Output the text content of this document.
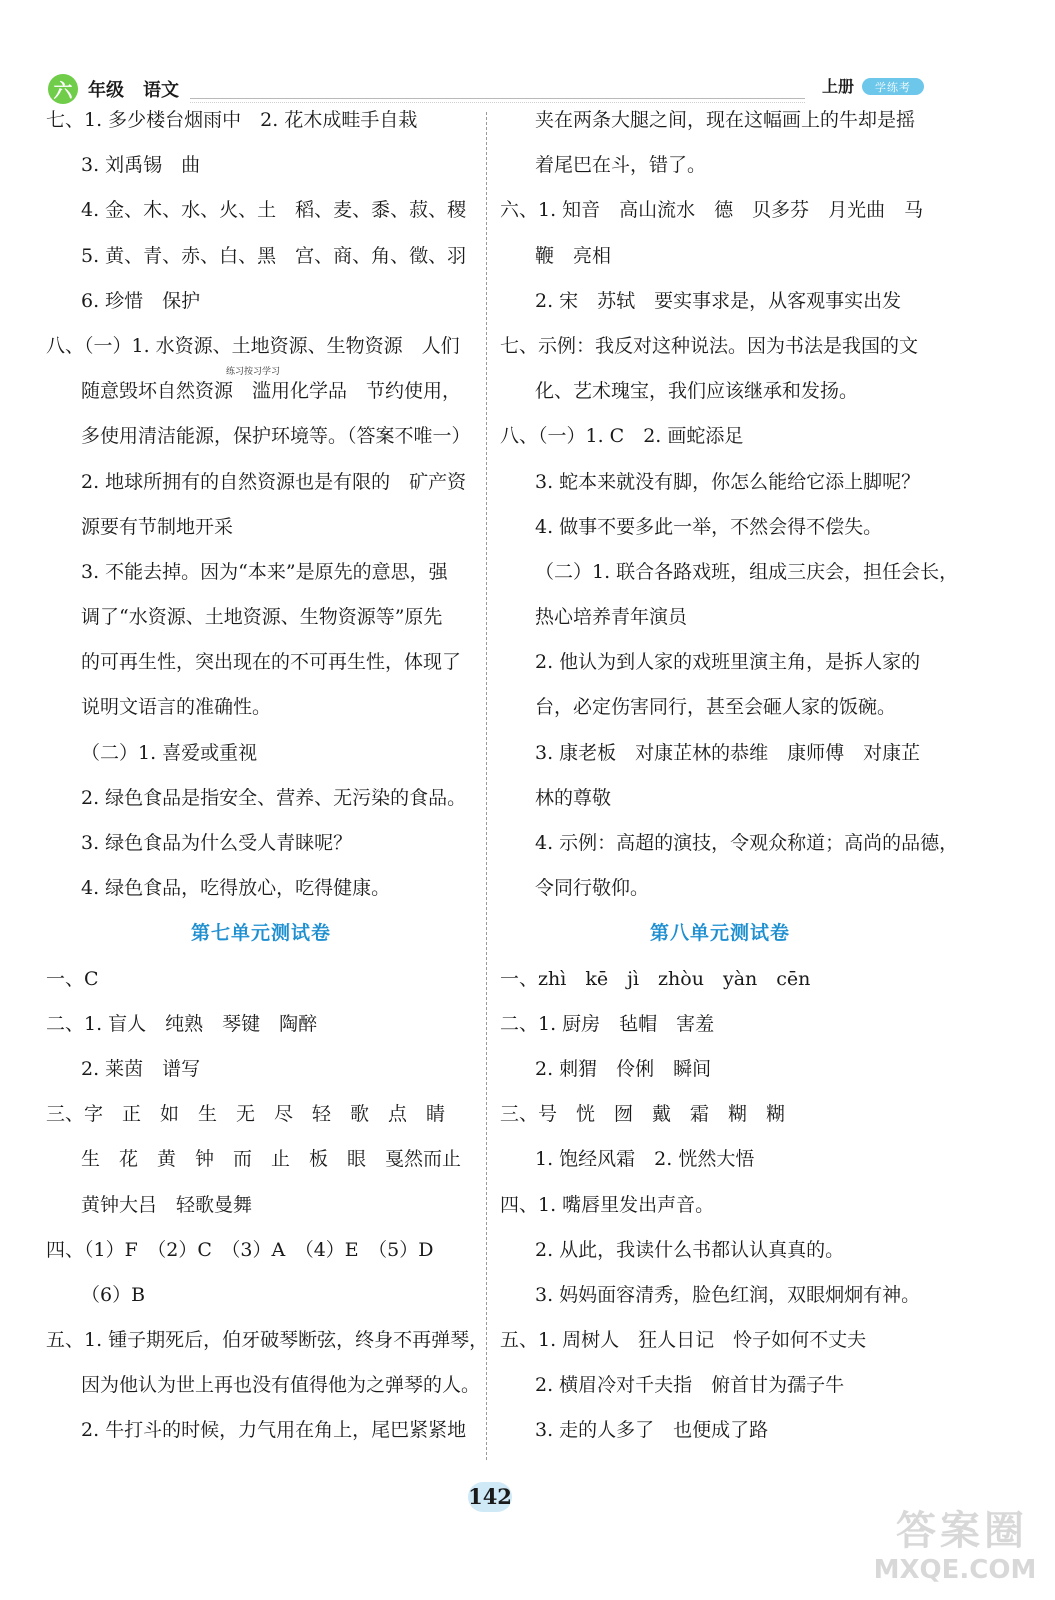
六 年级 语文	上册	学练考
七、1. 多少楼台烟雨中　2. 花木成畦手自栽
3. 刘禹锡　曲
4. 金、木、水、火、土　稻、麦、黍、菽、稷
5. 黄、青、赤、白、黑　宫、商、角、徵、羽
6. 珍惜　保护
八、（一）1. 水资源、土地资源、生物资源　人们
随意毁坏自然资源　滥用化学品　节约使用，
多使用清洁能源，保护环境等。（答案不唯一）
2. 地球所拥有的自然资源也是有限的　矿产资
源要有节制地开采
3. 不能去掉。因为“本来”是原先的意思，强
调了“水资源、土地资源、生物资源等”原先
的可再生性，突出现在的不可再生性，体现了
说明文语言的准确性。
（二）1. 喜爱或重视
2. 绿色食品是指安全、营养、无污染的食品。
3. 绿色食品为什么受人青睐呢？
4. 绿色食品，吃得放心，吃得健康。
第七单元测试卷
一、C
二、1. 盲人　纯熟　琴键　陶醉
2. 莱茵　谱写
三、字　正　如　生　无　尽　轻　歌　点　睛
生　花　黄　钟　而　止　板　眼　戛然而止
黄钟大吕　轻歌曼舞
四、（1）F　（2）C　（3）A　（4）E　（5）D
（6）B
五、1. 锺子期死后，伯牙破琴断弦，终身不再弹琴，
因为他认为世上再也没有值得他为之弹琴的人。
2. 牛打斗的时候，力气用在角上，尾巴紧紧地
夹在两条大腿之间，现在这幅画上的牛却是摇
着尾巴在斗，错了。
六、1. 知音　高山流水　德　贝多芬　月光曲　马
鞭　亮相
2. 宋　苏轼　要实事求是，从客观事实出发
七、示例：我反对这种说法。因为书法是我国的文
化、艺术瑰宝，我们应该继承和发扬。
八、（一）1. C　2. 画蛇添足
3. 蛇本来就没有脚，你怎么能给它添上脚呢？
4. 做事不要多此一举，不然会得不偿失。
（二）1. 联合各路戏班，组成三庆会，担任会长，
热心培养青年演员
2. 他认为到人家的戏班里演主角，是拆人家的
台，必定伤害同行，甚至会砸人家的饭碗。
3. 康老板　对康芷林的恭维　康师傅　对康芷
林的尊敬
4. 示例：高超的演技，令观众称道；高尚的品德，
令同行敬仰。
第八单元测试卷
一、zhì　kē　jì　zhòu　yàn　cēn
二、1. 厨房　毡帽　害羞
2. 刺猬　伶俐　瞬间
三、号　恍　囫　戴　霜　糊　糊
1. 饱经风霜　2. 恍然大悟
四、1. 嘴唇里发出声音。
2. 从此，我读什么书都认认真真的。
3. 妈妈面容清秀，脸色红润，双眼炯炯有神。
五、1. 周树人　狂人日记　怜子如何不丈夫
2. 横眉冷对千夫指　俯首甘为孺子牛
3. 走的人多了　也便成了路
练习按习学习
142
答案圈
MXQE.COM
